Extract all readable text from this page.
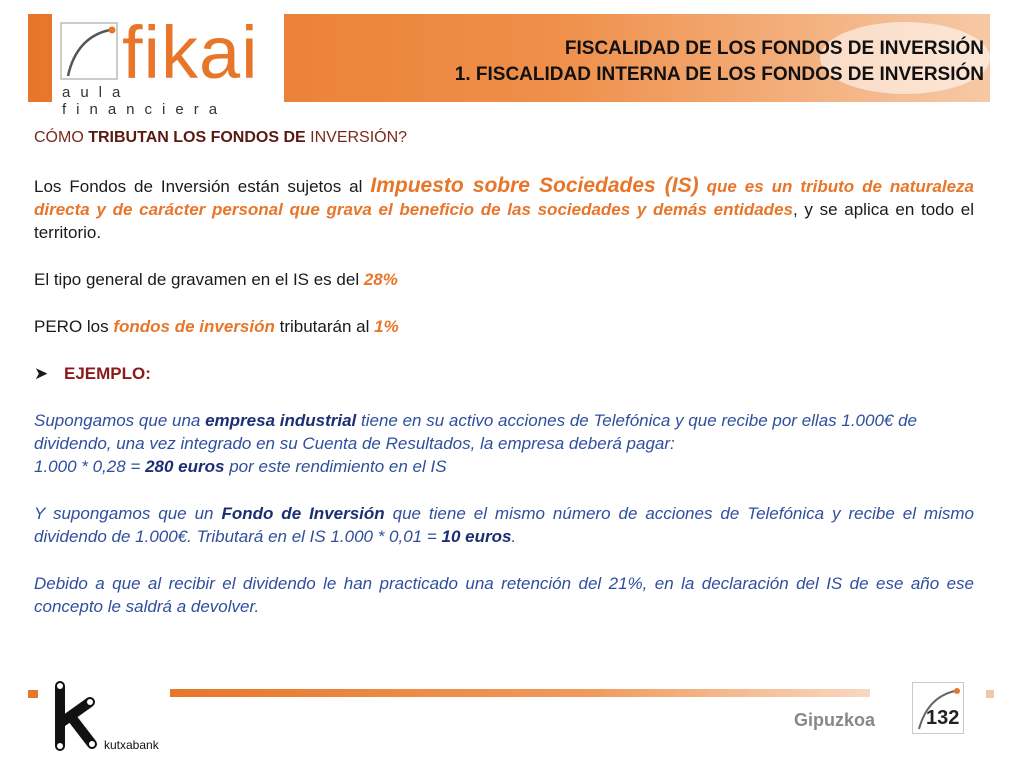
fikai
aula financiera
FISCALIDAD DE LOS FONDOS DE INVERSIÓN
1. FISCALIDAD INTERNA DE LOS FONDOS DE INVERSIÓN

CÓMO TRIBUTAN LOS FONDOS DE INVERSIÓN?

Los Fondos de Inversión están sujetos al Impuesto sobre Sociedades (IS) que es un tributo de naturaleza directa y de carácter personal que grava el beneficio de las sociedades y demás entidades, y se aplica en todo el territorio.

El tipo general de gravamen en el IS es del 28%

PERO los fondos de inversión tributarán al 1%

➤ EJEMPLO:

Supongamos que una empresa industrial tiene en su activo acciones de Telefónica y que recibe por ellas 1.000€ de dividendo, una vez integrado en su Cuenta de Resultados, la empresa deberá pagar:
1.000 * 0,28 = 280 euros por este rendimiento en el IS

Y supongamos que un Fondo de Inversión que tiene el mismo número de acciones de Telefónica y recibe el mismo dividendo de 1.000€. Tributará en el IS 1.000 * 0,01 = 10 euros.

Debido a que al recibir el dividendo le han practicado una retención del 21%, en la declaración del IS de ese año ese concepto le saldrá a devolver.

kutxabank
Gipuzkoa	132
